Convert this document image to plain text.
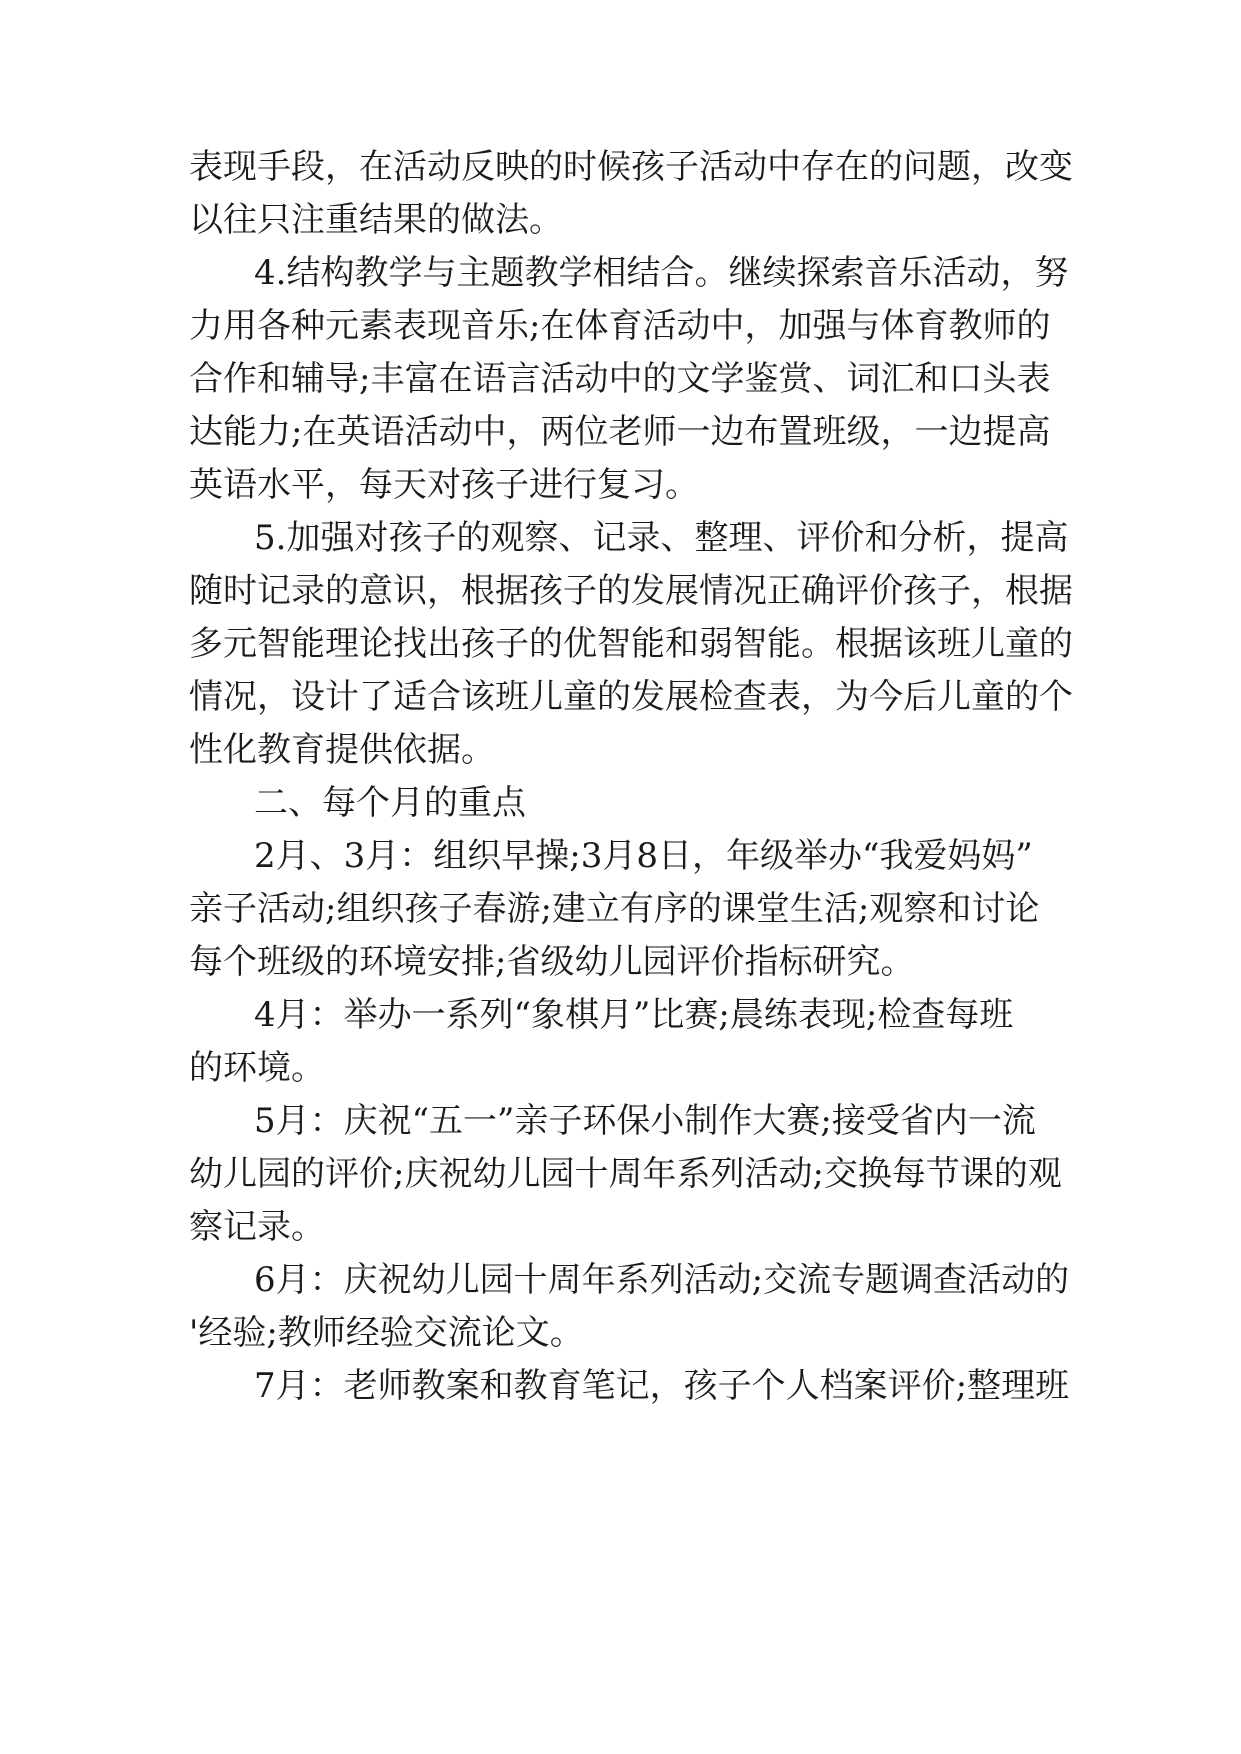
表现手段，在活动反映的时候孩子活动中存在的问题，改变
以往只注重结果的做法。
4.结构教学与主题教学相结合。继续探索音乐活动，努
力用各种元素表现音乐;在体育活动中，加强与体育教师的
合作和辅导;丰富在语言活动中的文学鉴赏、词汇和口头表
达能力;在英语活动中，两位老师一边布置班级，一边提高
英语水平，每天对孩子进行复习。
5.加强对孩子的观察、记录、整理、评价和分析，提高
随时记录的意识，根据孩子的发展情况正确评价孩子，根据
多元智能理论找出孩子的优智能和弱智能。根据该班儿童的
情况，设计了适合该班儿童的发展检查表，为今后儿童的个
性化教育提供依据。
二、每个月的重点
2月、3月：组织早操;3月8日，年级举办“我爱妈妈”
亲子活动;组织孩子春游;建立有序的课堂生活;观察和讨论
每个班级的环境安排;省级幼儿园评价指标研究。
4月：举办一系列“象棋月”比赛;晨练表现;检查每班
的环境。
5月：庆祝“五一”亲子环保小制作大赛;接受省内一流
幼儿园的评价;庆祝幼儿园十周年系列活动;交换每节课的观
察记录。
6月：庆祝幼儿园十周年系列活动;交流专题调查活动的
'经验;教师经验交流论文。
7月：老师教案和教育笔记，孩子个人档案评价;整理班
